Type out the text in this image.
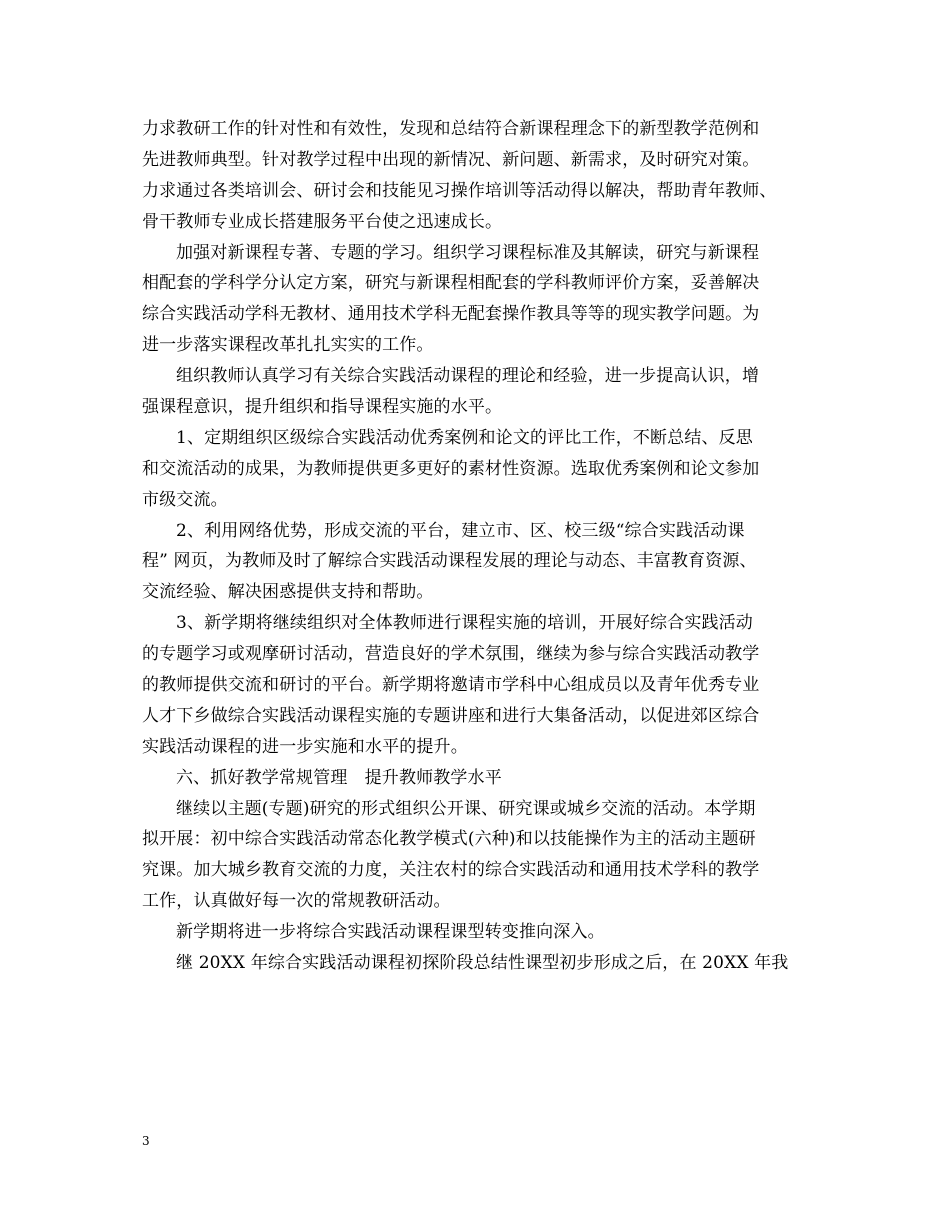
力求教研工作的针对性和有效性，发现和总结符合新课程理念下的新型教学范例和
先进教师典型。针对教学过程中出现的新情况、新问题、新需求，及时研究对策。
力求通过各类培训会、研讨会和技能见习操作培训等活动得以解决，帮助青年教师、
骨干教师专业成长搭建服务平台使之迅速成长。
加强对新课程专著、专题的学习。组织学习课程标准及其解读，研究与新课程
相配套的学科学分认定方案，研究与新课程相配套的学科教师评价方案，妥善解决
综合实践活动学科无教材、通用技术学科无配套操作教具等等的现实教学问题。为
进一步落实课程改革扎扎实实的工作。
组织教师认真学习有关综合实践活动课程的理论和经验，进一步提高认识，增
强课程意识，提升组织和指导课程实施的水平。
1、定期组织区级综合实践活动优秀案例和论文的评比工作，不断总结、反思
和交流活动的成果，为教师提供更多更好的素材性资源。选取优秀案例和论文参加
市级交流。
2、利用网络优势，形成交流的平台，建立市、区、校三级“综合实践活动课
程” 网页，为教师及时了解综合实践活动课程发展的理论与动态、丰富教育资源、
交流经验、解决困惑提供支持和帮助。
3、新学期将继续组织对全体教师进行课程实施的培训，开展好综合实践活动
的专题学习或观摩研讨活动，营造良好的学术氛围，继续为参与综合实践活动教学
的教师提供交流和研讨的平台。新学期将邀请市学科中心组成员以及青年优秀专业
人才下乡做综合实践活动课程实施的专题讲座和进行大集备活动，以促进郊区综合
实践活动课程的进一步实施和水平的提升。
六、抓好教学常规管理　提升教师教学水平
继续以主题(专题)研究的形式组织公开课、研究课或城乡交流的活动。本学期
拟开展：初中综合实践活动常态化教学模式(六种)和以技能操作为主的活动主题研
究课。加大城乡教育交流的力度，关注农村的综合实践活动和通用技术学科的教学
工作，认真做好每一次的常规教研活动。
新学期将进一步将综合实践活动课程课型转变推向深入。
继 20XX 年综合实践活动课程初探阶段总结性课型初步形成之后，在 20XX 年我
3
